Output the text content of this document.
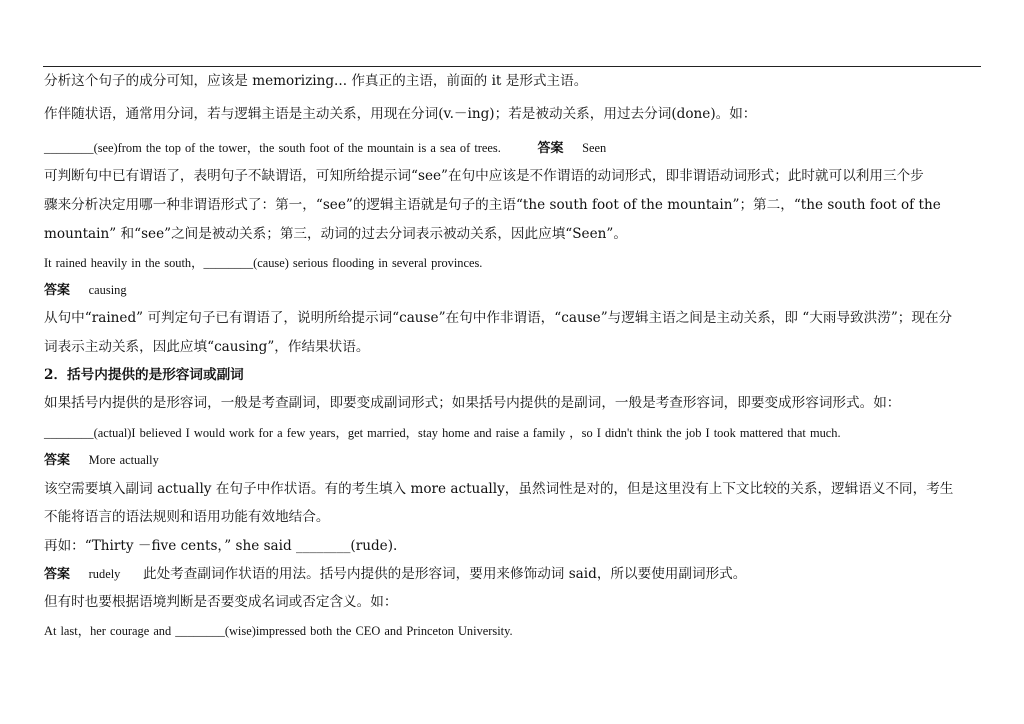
分析这个句子的成分可知，应该是 memorizing... 作真正的主语，前面的 it 是形式主语。
作伴随状语，通常用分词，若与逻辑主语是主动关系，用现在分词(v.－ing)；若是被动关系，用过去分词(done)。如：
________(see)from the top of the tower，the south foot of the mountain is a sea of trees.	答案 Seen
可判断句中已有谓语了，表明句子不缺谓语，可知所给提示词“see”在句中应该是不作谓语的动词形式，即非谓语动词形式；此时就可以利用三个步
骤来分析决定用哪一种非谓语形式了：第一，“see”的逻辑主语就是句子的主语“the south foot of the mountain”；第二，“the south foot of the
mountain” 和“see”之间是被动关系；第三，动词的过去分词表示被动关系，因此应填“Seen”。
It rained heavily in the south，________(cause) serious flooding in several provinces.
答案 causing
从句中“rained” 可判定句子已有谓语了，说明所给提示词“cause”在句中作非谓语，“cause”与逻辑主语之间是主动关系，即 “大雨导致洪涝”；现在分
词表示主动关系，因此应填“causing”，作结果状语。
2．括号内提供的是形容词或副词
如果括号内提供的是形容词，一般是考查副词，即要变成副词形式；如果括号内提供的是副词，一般是考查形容词，即要变成形容词形式。如：
________(actual)I believed I would work for a few years，get married，stay home and raise a family ，so I didn't think the job I took mattered that much.
答案 More actually
该空需要填入副词 actually 在句子中作状语。有的考生填入 more actually，虽然词性是对的，但是这里没有上下文比较的关系，逻辑语义不同，考生
不能将语言的语法规则和语用功能有效地结合。
再如：“Thirty －five cents，” she said ________(rude).
答案 rudely 此处考查副词作状语的用法。括号内提供的是形容词，要用来修饰动词 said，所以要使用副词形式。
但有时也要根据语境判断是否要变成名词或否定含义。如：
At last，her courage and ________(wise)impressed both the CEO and Princeton University.
